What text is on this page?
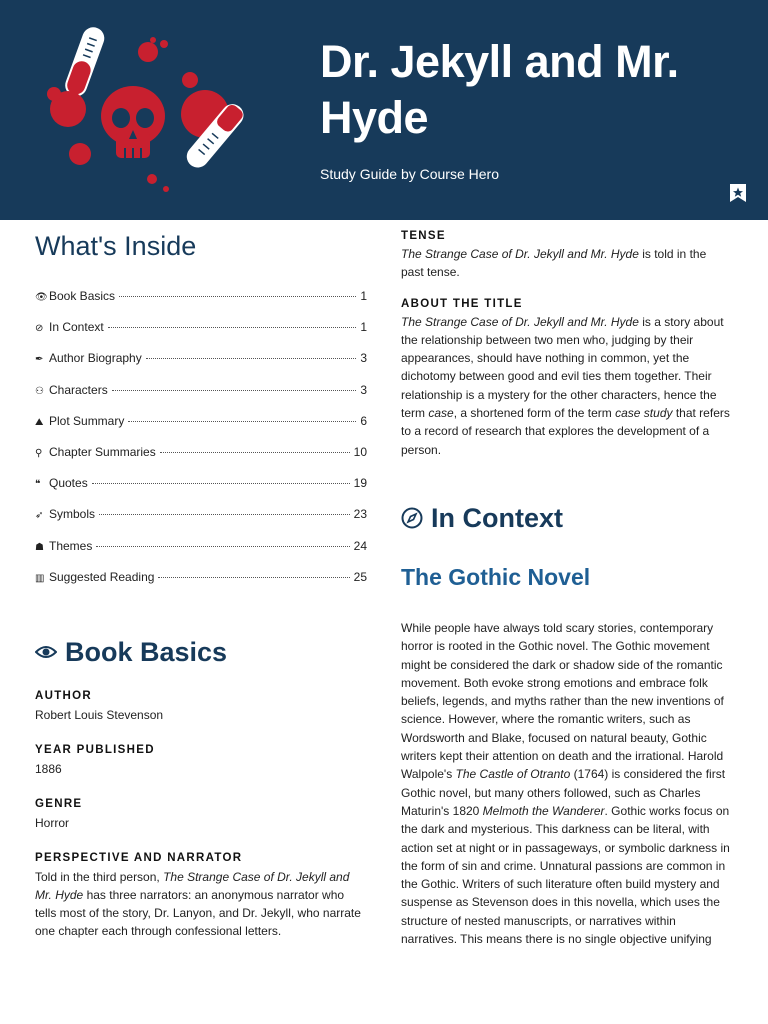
Dr. Jekyll and Mr. Hyde
Study Guide by Course Hero
What's Inside
👁 Book Basics	1
⊘ In Context	1
✒ Author Biography	3
⚇ Characters	3
⛰ Plot Summary	6
⚲ Chapter Summaries	10
❝ Quotes	19
➶ Symbols	23
☗ Themes	24
▥ Suggested Reading	25
Book Basics
AUTHOR
Robert Louis Stevenson
YEAR PUBLISHED
1886
GENRE
Horror
PERSPECTIVE AND NARRATOR

Told in the third person, The Strange Case of Dr. Jekyll and Mr. Hyde has three narrators: an anonymous narrator who tells most of the story, Dr. Lanyon, and Dr. Jekyll, who narrate one chapter each through confessional letters.

TENSE

The Strange Case of Dr. Jekyll and Mr. Hyde is told in the past tense.

ABOUT THE TITLE

The Strange Case of Dr. Jekyll and Mr. Hyde is a story about the relationship between two men who, judging by their appearances, should have nothing in common, yet the dichotomy between good and evil ties them together. Their relationship is a mystery for the other characters, hence the term case, a shortened form of the term case study that refers to a record of research that explores the development of a person.

In Context
The Gothic Novel

While people have always told scary stories, contemporary horror is rooted in the Gothic novel. The Gothic movement might be considered the dark or shadow side of the romantic movement. Both evoke strong emotions and embrace folk beliefs, legends, and myths rather than the new inventions of science. However, where the romantic writers, such as Wordsworth and Blake, focused on natural beauty, Gothic writers kept their attention on death and the irrational. Harold Walpole's The Castle of Otranto (1764) is considered the first Gothic novel, but many others followed, such as Charles Maturin's 1820 Melmoth the Wanderer. Gothic works focus on the dark and mysterious. This darkness can be literal, with action set at night or in passageways, or symbolic darkness in the form of sin and crime. Unnatural passions are common in the Gothic. Writers of such literature often build mystery and suspense as Stevenson does in this novella, which uses the structure of nested manuscripts, or narratives within narratives. This means there is no single objective unifying
